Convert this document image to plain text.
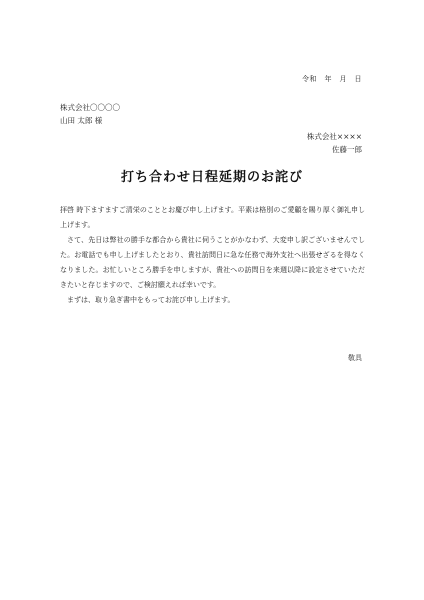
令和　年　月　日
株式会社〇〇〇〇
山田 太郎 様
株式会社××××
佐藤一郎
打ち合わせ日程延期のお詫び

拝啓 時下ますますご清栄のこととお慶び申し上げます。平素は格別のご愛顧を賜り厚く御礼申し上げます。

さて、先日は弊社の勝手な都合から貴社に伺うことがかなわず、大変申し訳ございませんでした。お電話でも申し上げましたとおり、貴社訪問日に急な任務で海外支社へ出張せざるを得なくなりました。お忙しいところ勝手を申しますが、貴社への訪問日を来週以降に設定させていただきたいと存じますので、ご検討願えれば幸いです。

まずは、取り急ぎ書中をもってお詫び申し上げます。

敬具
